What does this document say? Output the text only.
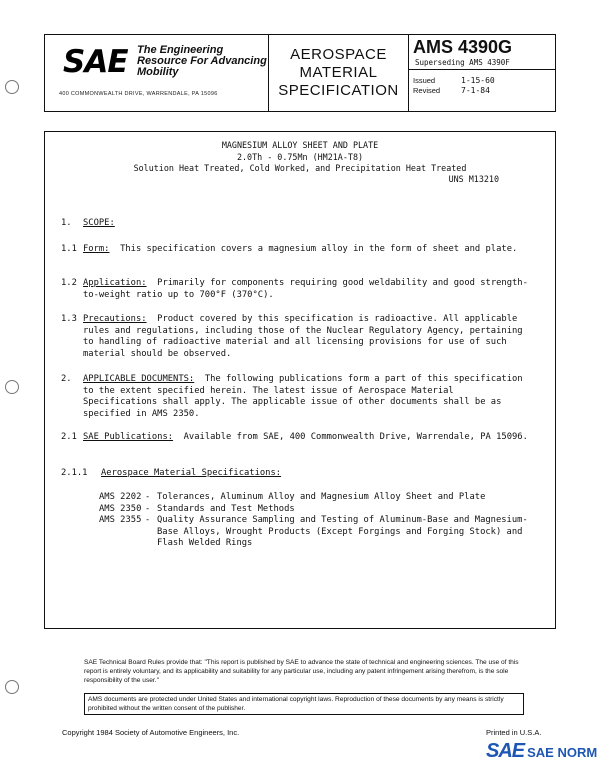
SAE The Engineering Resource For Advancing Mobility
400 COMMONWEALTH DRIVE, WARRENDALE, PA 15096
AEROSPACE
MATERIAL
SPECIFICATION
AMS 4390G
Superseding AMS 4390F
Issued	1-15-60
Revised	7-1-84
MAGNESIUM ALLOY SHEET AND PLATE
2.0Th - 0.75Mn (HM21A-T8)
Solution Heat Treated, Cold Worked, and Precipitation Heat Treated
UNS M13210
1. SCOPE:
1.1 Form: This specification covers a magnesium alloy in the form of sheet and plate.
1.2 Application: Primarily for components requiring good weldability and good strength-to-weight ratio up to 700°F (370°C).
1.3 Precautions: Product covered by this specification is radioactive. All applicable rules and regulations, including those of the Nuclear Regulatory Agency, pertaining to handling of radioactive material and all licensing provisions for use of such material should be observed.
2. APPLICABLE DOCUMENTS: The following publications form a part of this specification to the extent specified herein. The latest issue of Aerospace Material Specifications shall apply. The applicable issue of other documents shall be as specified in AMS 2350.
2.1 SAE Publications: Available from SAE, 400 Commonwealth Drive, Warrendale, PA 15096.
2.1.1 Aerospace Material Specifications:
AMS 2202 - Tolerances, Aluminum Alloy and Magnesium Alloy Sheet and Plate
AMS 2350 - Standards and Test Methods
AMS 2355 - Quality Assurance Sampling and Testing of Aluminum-Base and Magnesium-Base Alloys, Wrought Products (Except Forgings and Forging Stock) and Flash Welded Rings
SAE Technical Board Rules provide that: "This report is published by SAE to advance the state of technical and engineering sciences. The use of this report is entirely voluntary, and its applicability and suitability for any particular use, including any patent infringement arising therefrom, is the sole responsibility of the user."
AMS documents are protected under United States and international copyright laws. Reproduction of these documents by any means is strictly prohibited without the written consent of the publisher.
Copyright 1984 Society of Automotive Engineers, Inc.	Printed in U.S.A.
SAE SAE NORM
